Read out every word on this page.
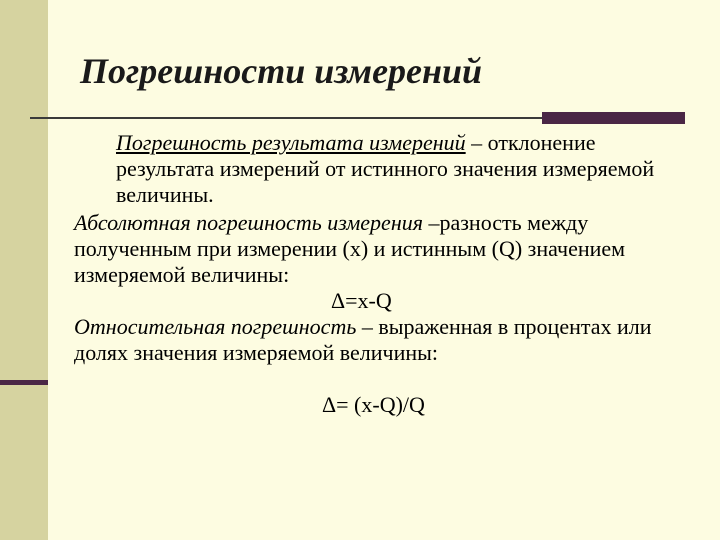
Погрешности измерений

Погрешность результата измерений – отклонение результата измерений от истинного значения измеряемой величины.

Абсолютная погрешность измерения –разность между полученным при измерении (х) и истинным (Q) значением измеряемой величины:

Δ=х-Q

Относительная погрешность – выраженная в процентах или долях значения измеряемой величины:

Δ= (х-Q)/Q
